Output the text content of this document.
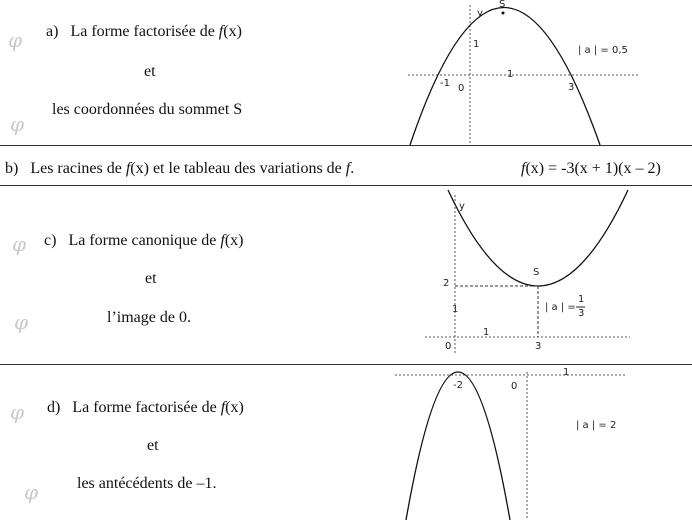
φ
φ
φ
φ
φ
φ
a) La forme factorisée de f(x)
et
les coordonnées du sommet S
y
S
1
-1 0
1
3
| a | = 0,5
b) Les racines de f(x) et le tableau des variations de f.	f(x) = -3(x + 1)(x – 2)
c) La forme canonique de f(x)
et
l’image de 0.
y
S
2
1
1
0	3
| a | =
1
3
d) La forme factorisée de f(x)
et
les antécédents de –1.
-2	0
1
| a | = 2
